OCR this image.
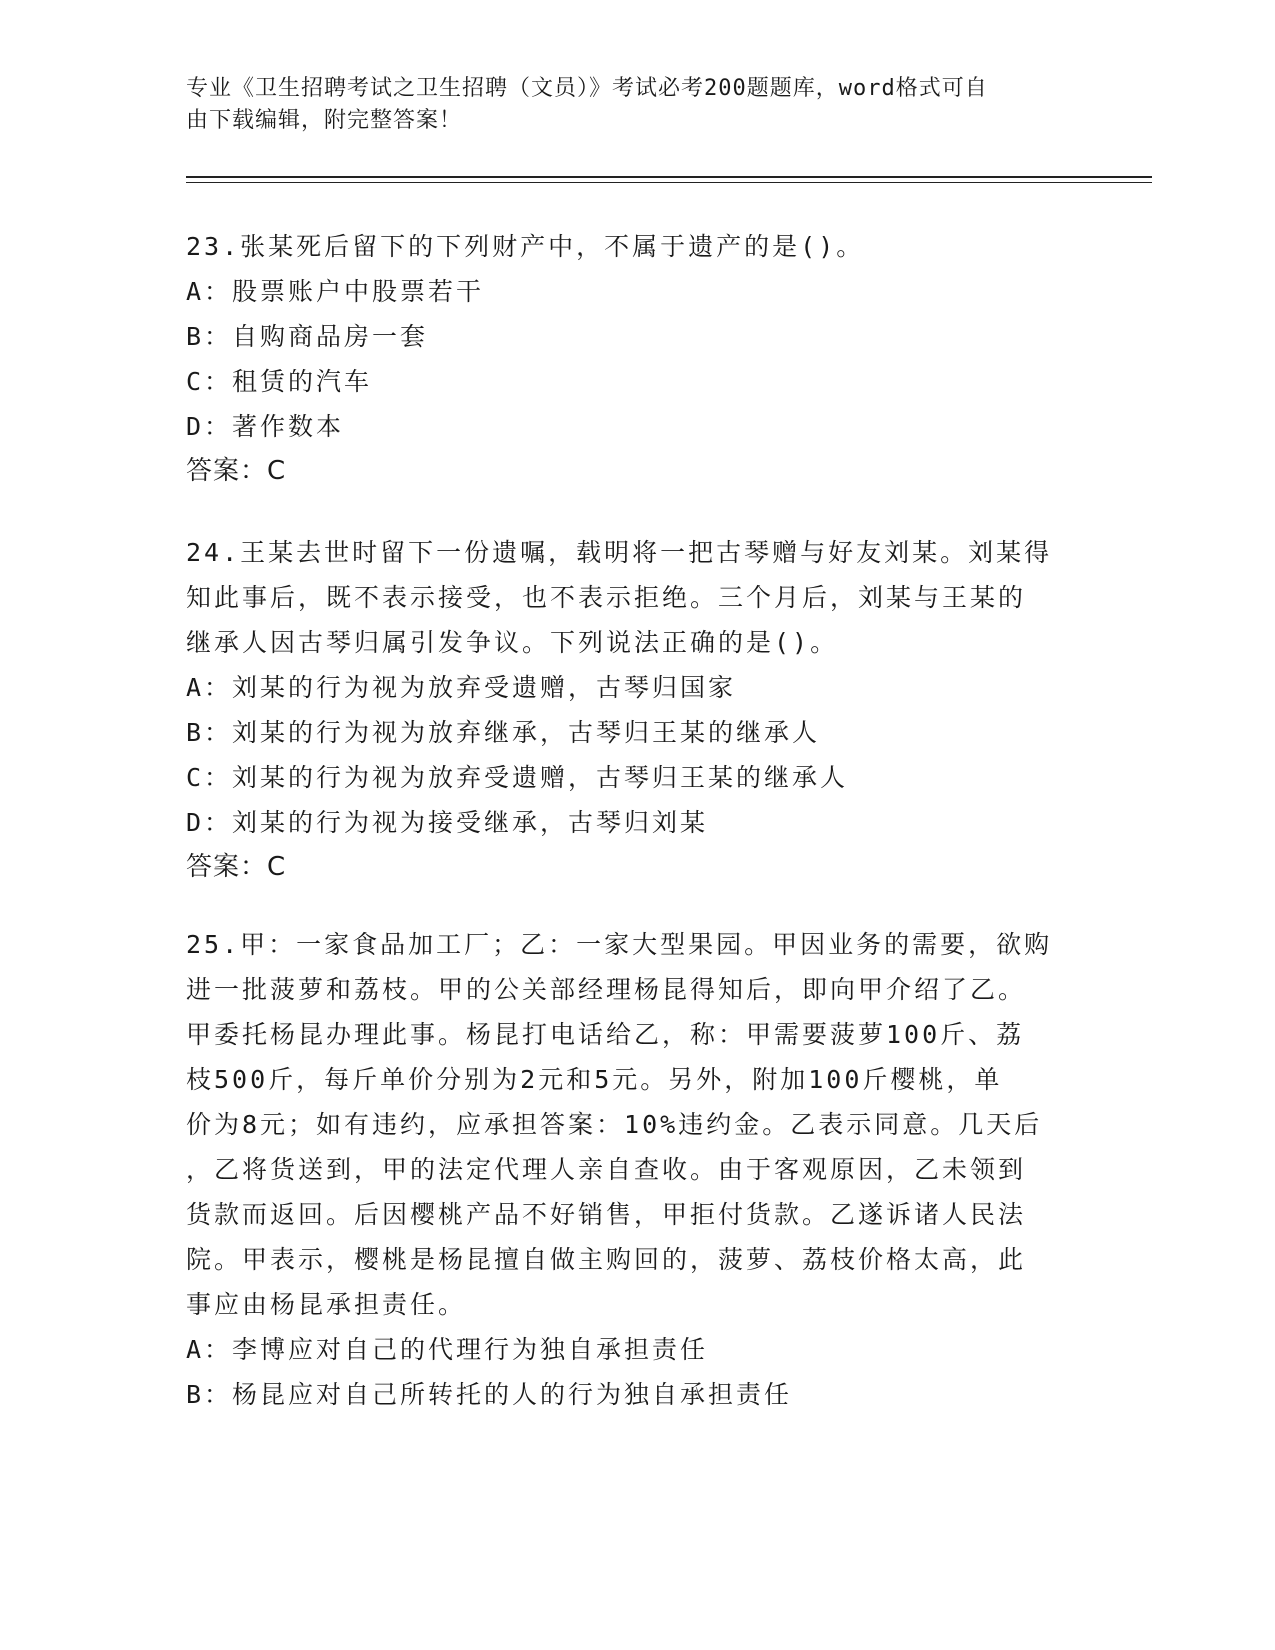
专业《卫生招聘考试之卫生招聘（文员）》考试必考200题题库，word格式可自
由下载编辑，附完整答案！
23.张某死后留下的下列财产中，不属于遗产的是()。
A：股票账户中股票若干
B：自购商品房一套
C：租赁的汽车
D：著作数本
答案：C
24.王某去世时留下一份遗嘱，载明将一把古琴赠与好友刘某。刘某得
知此事后，既不表示接受，也不表示拒绝。三个月后，刘某与王某的
继承人因古琴归属引发争议。下列说法正确的是()。
A：刘某的行为视为放弃受遗赠，古琴归国家
B：刘某的行为视为放弃继承，古琴归王某的继承人
C：刘某的行为视为放弃受遗赠，古琴归王某的继承人
D：刘某的行为视为接受继承，古琴归刘某
答案：C
25.甲：一家食品加工厂；乙：一家大型果园。甲因业务的需要，欲购
进一批菠萝和荔枝。甲的公关部经理杨昆得知后，即向甲介绍了乙。
甲委托杨昆办理此事。杨昆打电话给乙，称：甲需要菠萝100斤、荔
枝500斤，每斤单价分别为2元和5元。另外，附加100斤樱桃，单
价为8元；如有违约，应承担答案：10%违约金。乙表示同意。几天后
，乙将货送到，甲的法定代理人亲自查收。由于客观原因，乙未领到
货款而返回。后因樱桃产品不好销售，甲拒付货款。乙遂诉诸人民法
院。甲表示，樱桃是杨昆擅自做主购回的，菠萝、荔枝价格太高，此
事应由杨昆承担责任。
A：李博应对自己的代理行为独自承担责任
B：杨昆应对自己所转托的人的行为独自承担责任
